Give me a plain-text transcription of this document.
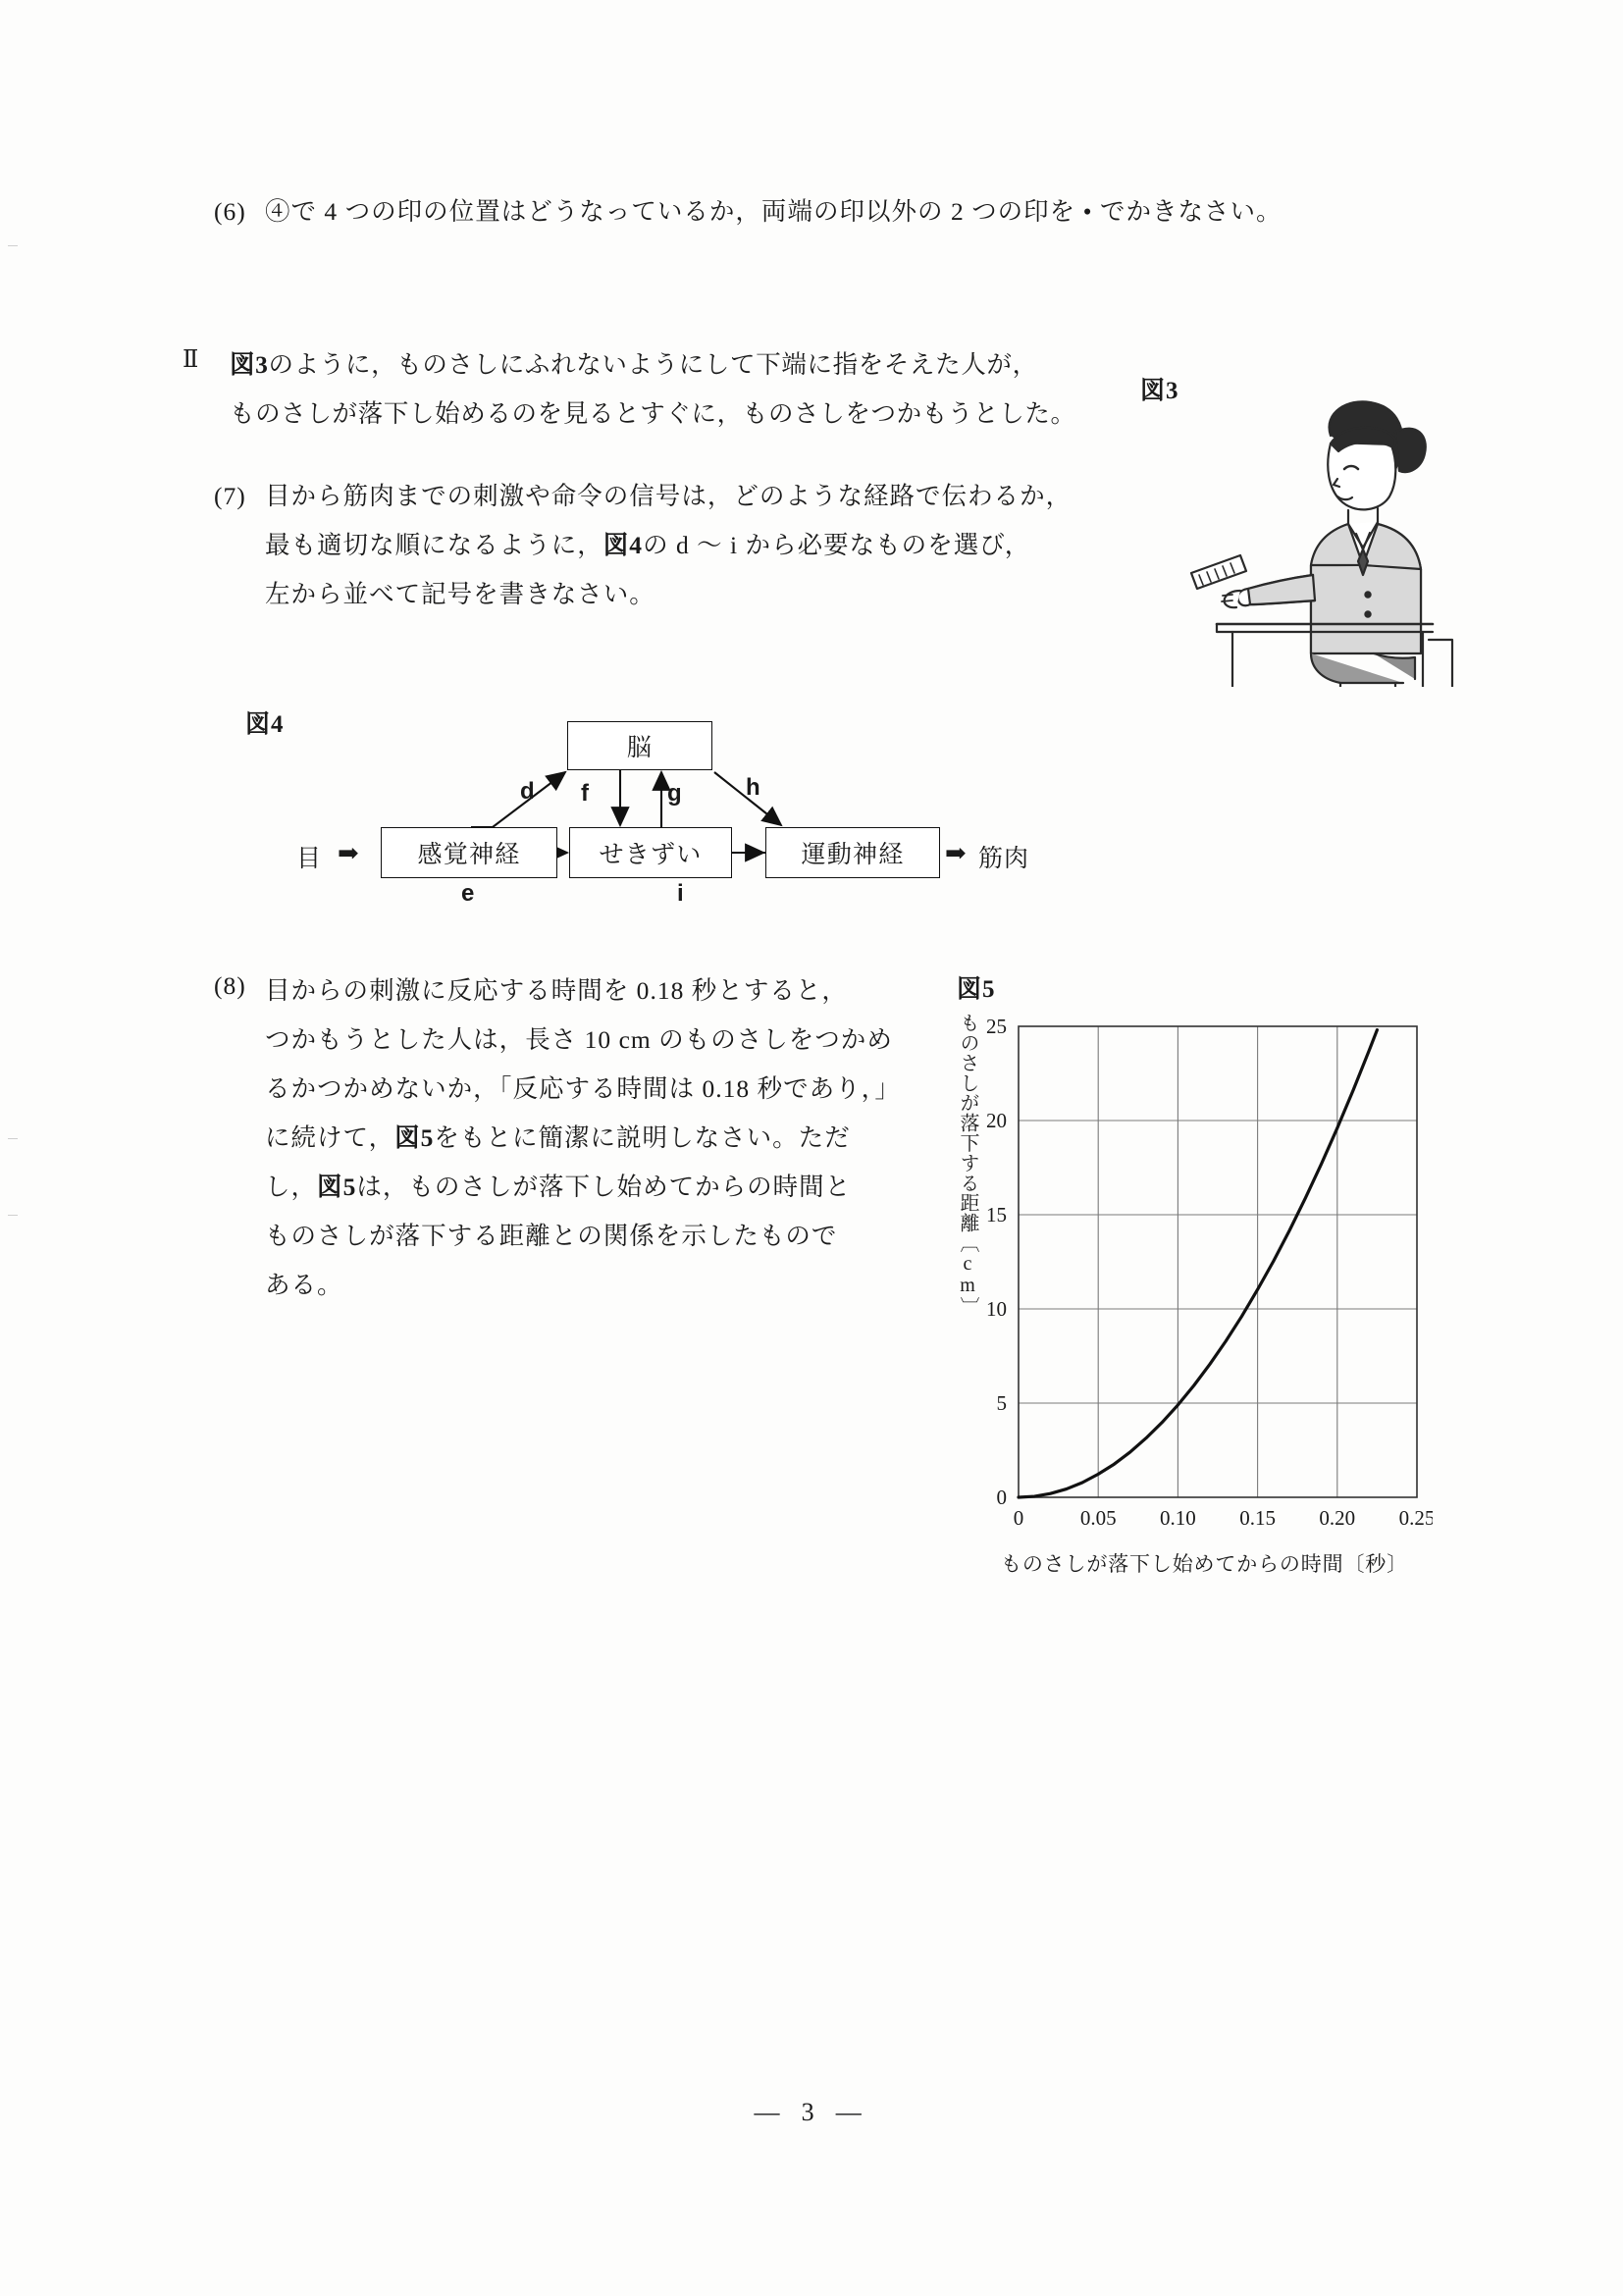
(6) ④で 4 つの印の位置はどうなっているか，両端の印以外の 2 つの印を • でかきなさい。
Ⅱ 図3のように，ものさしにふれないようにして下端に指をそえた人が，
ものさしが落下し始めるのを見るとすぐに，ものさしをつかもうとした。
(7) 目から筋肉までの刺激や命令の信号は，どのような経路で伝わるか，
最も適切な順になるように，図4の d ～ i から必要なものを選び，
左から並べて記号を書きなさい。
図3
図4
脳
感覚神経	せきずい	運動神経
目 ➡	➡ 筋肉
d
e
f	g	h
i
(8) 目からの刺激に反応する時間を 0.18 秒とすると，
つかもうとした人は，長さ 10 cm のものさしをつかめ
るかつかめないか，「反応する時間は 0.18 秒であり，」
に続けて，図5をもとに簡潔に説明しなさい。ただ
し，図5は，ものさしが落下し始めてからの時間と
ものさしが落下する距離との関係を示したもので
ある。
図5
ものさしが落下する距離〔cm〕
0	0.05 0.10 0.15 0.20 0.25
0
5
10
15
20
25
ものさしが落下し始めてからの時間〔秒〕
— 3 —
